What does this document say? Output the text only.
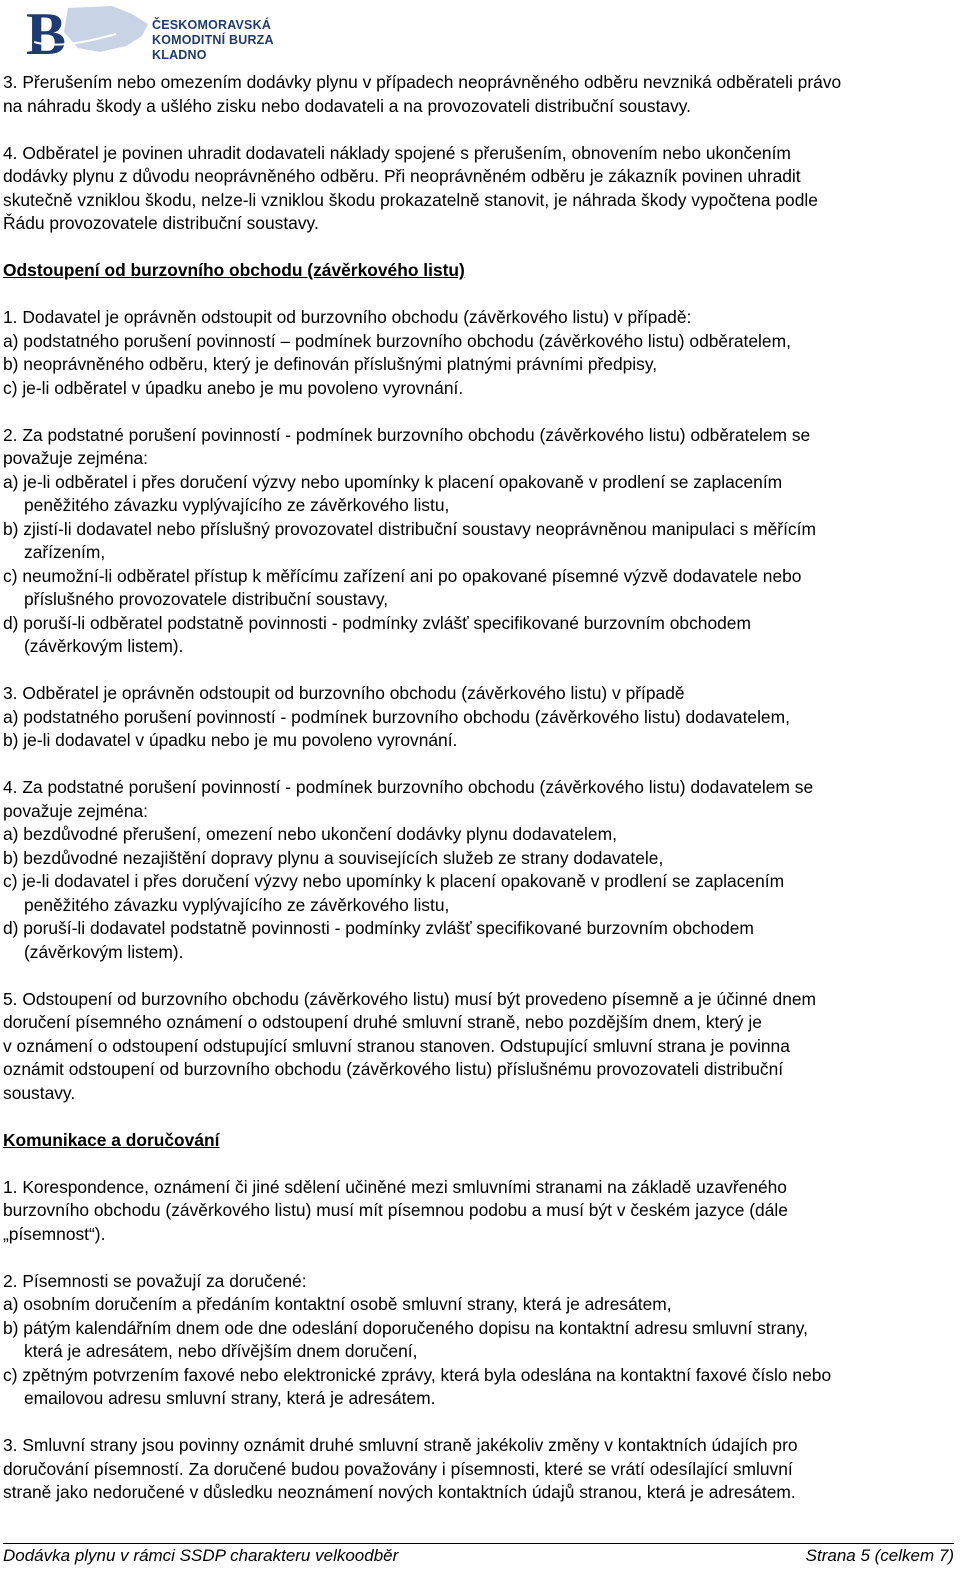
B	ČESKOMORAVSKÁ
KOMODITNÍ BURZA KLADNO
3. Přerušením nebo omezením dodávky plynu v případech neoprávněného odběru nevzniká odběrateli právo
na náhradu škody a ušlého zisku nebo dodavateli a na provozovateli distribuční soustavy.
4. Odběratel je povinen uhradit dodavateli náklady spojené s přerušením, obnovením nebo ukončením
dodávky plynu z důvodu neoprávněného odběru. Při neoprávněném odběru je zákazník povinen uhradit
skutečně vzniklou škodu, nelze-li vzniklou škodu prokazatelně stanovit, je náhrada škody vypočtena podle
Řádu provozovatele distribuční soustavy.
Odstoupení od burzovního obchodu (závěrkového listu)
1. Dodavatel je oprávněn odstoupit od burzovního obchodu (závěrkového listu) v případě:
a) podstatného porušení povinností – podmínek burzovního obchodu (závěrkového listu) odběratelem,
b) neoprávněného odběru, který je definován příslušnými platnými právními předpisy,
c) je-li odběratel v úpadku anebo je mu povoleno vyrovnání.
2. Za podstatné porušení povinností - podmínek burzovního obchodu (závěrkového listu) odběratelem se
považuje zejména:
a) je-li odběratel i přes doručení výzvy nebo upomínky k placení opakovaně v prodlení se zaplacením
peněžitého závazku vyplývajícího ze závěrkového listu,
b) zjistí-li dodavatel nebo příslušný provozovatel distribuční soustavy neoprávněnou manipulaci s měřícím
zařízením,
c) neumožní-li odběratel přístup k měřícímu zařízení ani po opakované písemné výzvě dodavatele nebo
příslušného provozovatele distribuční soustavy,
d) poruší-li odběratel podstatně povinnosti - podmínky zvlášť specifikované burzovním obchodem
(závěrkovým listem).
3. Odběratel je oprávněn odstoupit od burzovního obchodu (závěrkového listu) v případě
a) podstatného porušení povinností - podmínek burzovního obchodu (závěrkového listu) dodavatelem,
b) je-li dodavatel v úpadku nebo je mu povoleno vyrovnání.
4. Za podstatné porušení povinností - podmínek burzovního obchodu (závěrkového listu) dodavatelem se
považuje zejména:
a) bezdůvodné přerušení, omezení nebo ukončení dodávky plynu dodavatelem,
b) bezdůvodné nezajištění dopravy plynu a souvisejících služeb ze strany dodavatele,
c) je-li dodavatel i přes doručení výzvy nebo upomínky k placení opakovaně v prodlení se zaplacením
peněžitého závazku vyplývajícího ze závěrkového listu,
d) poruší-li dodavatel podstatně povinnosti - podmínky zvlášť specifikované burzovním obchodem
(závěrkovým listem).
5. Odstoupení od burzovního obchodu (závěrkového listu) musí být provedeno písemně a je účinné dnem
doručení písemného oznámení o odstoupení druhé smluvní straně, nebo pozdějším dnem, který je
v oznámení o odstoupení odstupující smluvní stranou stanoven. Odstupující smluvní strana je povinna
oznámit odstoupení od burzovního obchodu (závěrkového listu) příslušnému provozovateli distribuční
soustavy.
Komunikace a doručování
1. Korespondence, oznámení či jiné sdělení učiněné mezi smluvními stranami na základě uzavřeného
burzovního obchodu (závěrkového listu) musí mít písemnou podobu a musí být v českém jazyce (dále
„písemnost“).
2. Písemnosti se považují za doručené:
a) osobním doručením a předáním kontaktní osobě smluvní strany, která je adresátem,
b) pátým kalendářním dnem ode dne odeslání doporučeného dopisu na kontaktní adresu smluvní strany,
která je adresátem, nebo dřívějším dnem doručení,
c) zpětným potvrzením faxové nebo elektronické zprávy, která byla odeslána na kontaktní faxové číslo nebo
emailovou adresu smluvní strany, která je adresátem.
3. Smluvní strany jsou povinny oznámit druhé smluvní straně jakékoliv změny v kontaktních údajích pro
doručování písemností. Za doručené budou považovány i písemnosti, které se vrátí odesílající smluvní
straně jako nedoručené v důsledku neoznámení nových kontaktních údajů stranou, která je adresátem.
Dodávka plynu v rámci SSDP charakteru velkoodběr	Strana 5 (celkem 7)
